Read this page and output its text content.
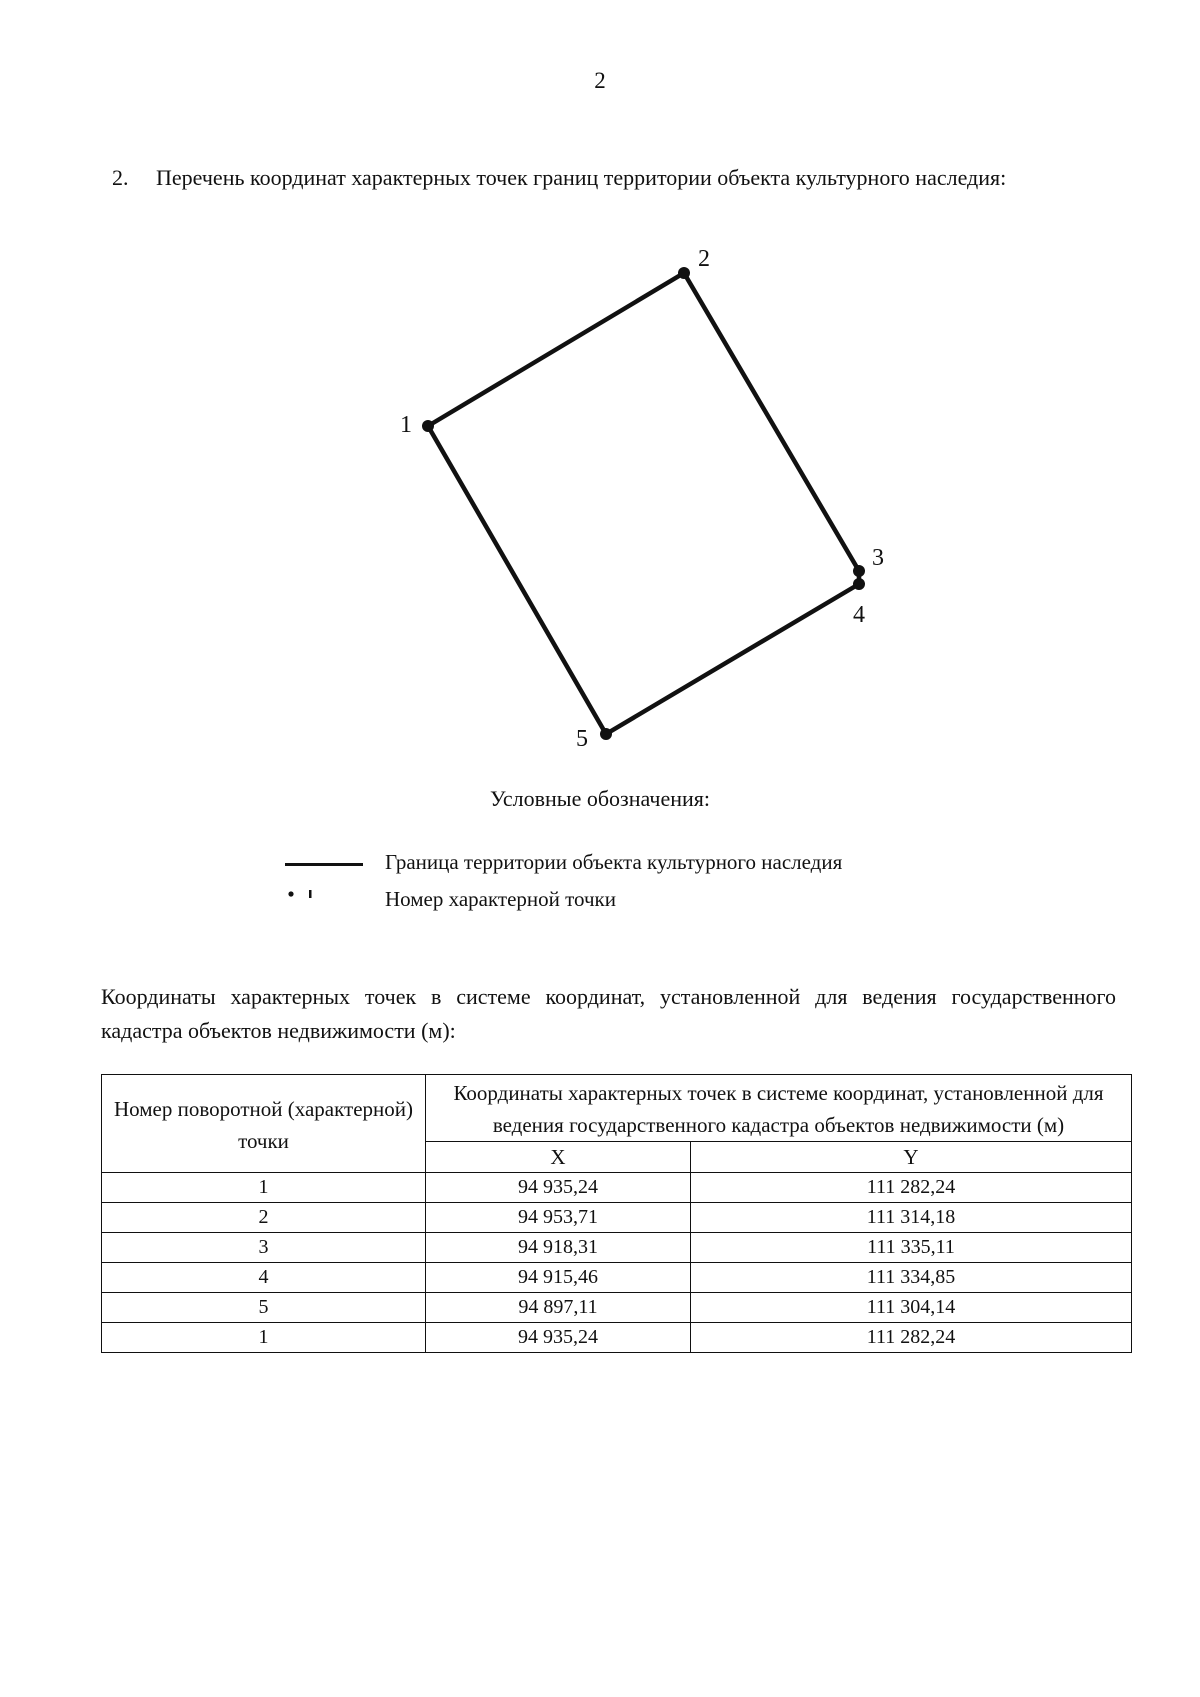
2
2. Перечень координат характерных точек границ территории объекта культурного наследия:
1
2
3
4
5
Условные обозначения:
Граница территории объекта культурного наследия
Номер характерной точки
Координаты характерных точек в системе координат, установленной для ведения государственного кадастра объектов недвижимости (м):
Номер поворотной (характерной) точки	Координаты характерных точек в системе координат, установленной для ведения государственного кадастра объектов недвижимости (м)	
	X	Y
1	94 935,24	111 282,24
2	94 953,71	111 314,18
3	94 918,31	111 335,11
4	94 915,46	111 334,85
5	94 897,11	111 304,14
1	94 935,24	111 282,24
